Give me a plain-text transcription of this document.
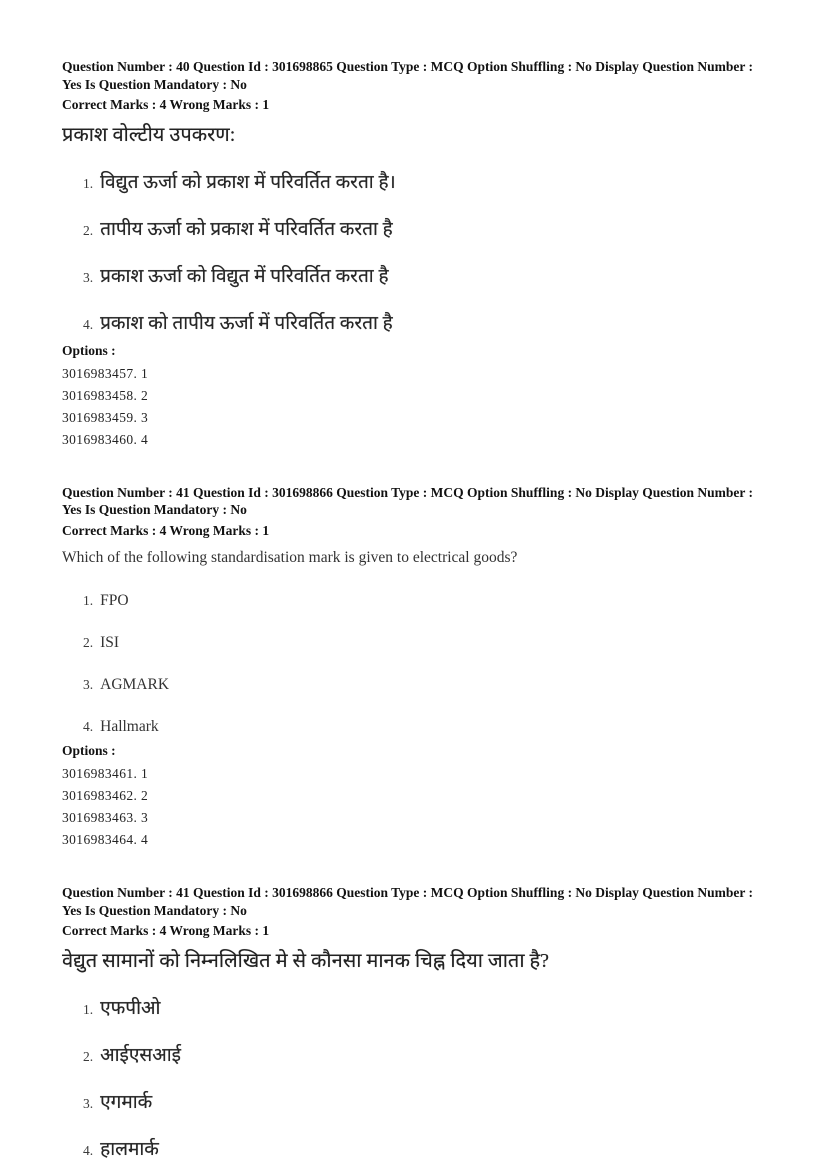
Question Number : 40 Question Id : 301698865 Question Type : MCQ Option Shuffling : No Display Question Number : Yes Is Question Mandatory : No

Correct Marks : 4 Wrong Marks : 1

प्रकाश वोल्टीय उपकरण:

1. विद्युत ऊर्जा को प्रकाश में परिवर्तित करता है।
2. तापीय ऊर्जा को प्रकाश में परिवर्तित करता है
3. प्रकाश ऊर्जा को विद्युत में परिवर्तित करता है
4. प्रकाश को तापीय ऊर्जा में परिवर्तित करता है

Options :

3016983457. 1

3016983458. 2

3016983459. 3

3016983460. 4

Question Number : 41 Question Id : 301698866 Question Type : MCQ Option Shuffling : No Display Question Number : Yes Is Question Mandatory : No

Correct Marks : 4 Wrong Marks : 1

Which of the following standardisation mark is given to electrical goods?

1. FPO
2. ISI
3. AGMARK
4. Hallmark

Options :

3016983461. 1

3016983462. 2

3016983463. 3

3016983464. 4

Question Number : 41 Question Id : 301698866 Question Type : MCQ Option Shuffling : No Display Question Number : Yes Is Question Mandatory : No

Correct Marks : 4 Wrong Marks : 1

वेद्युत सामानों को निम्नलिखित मे से कौनसा मानक चिह्न दिया जाता है?

1. एफपीओ
2. आईएसआई
3. एगमार्क
4. हालमार्क
